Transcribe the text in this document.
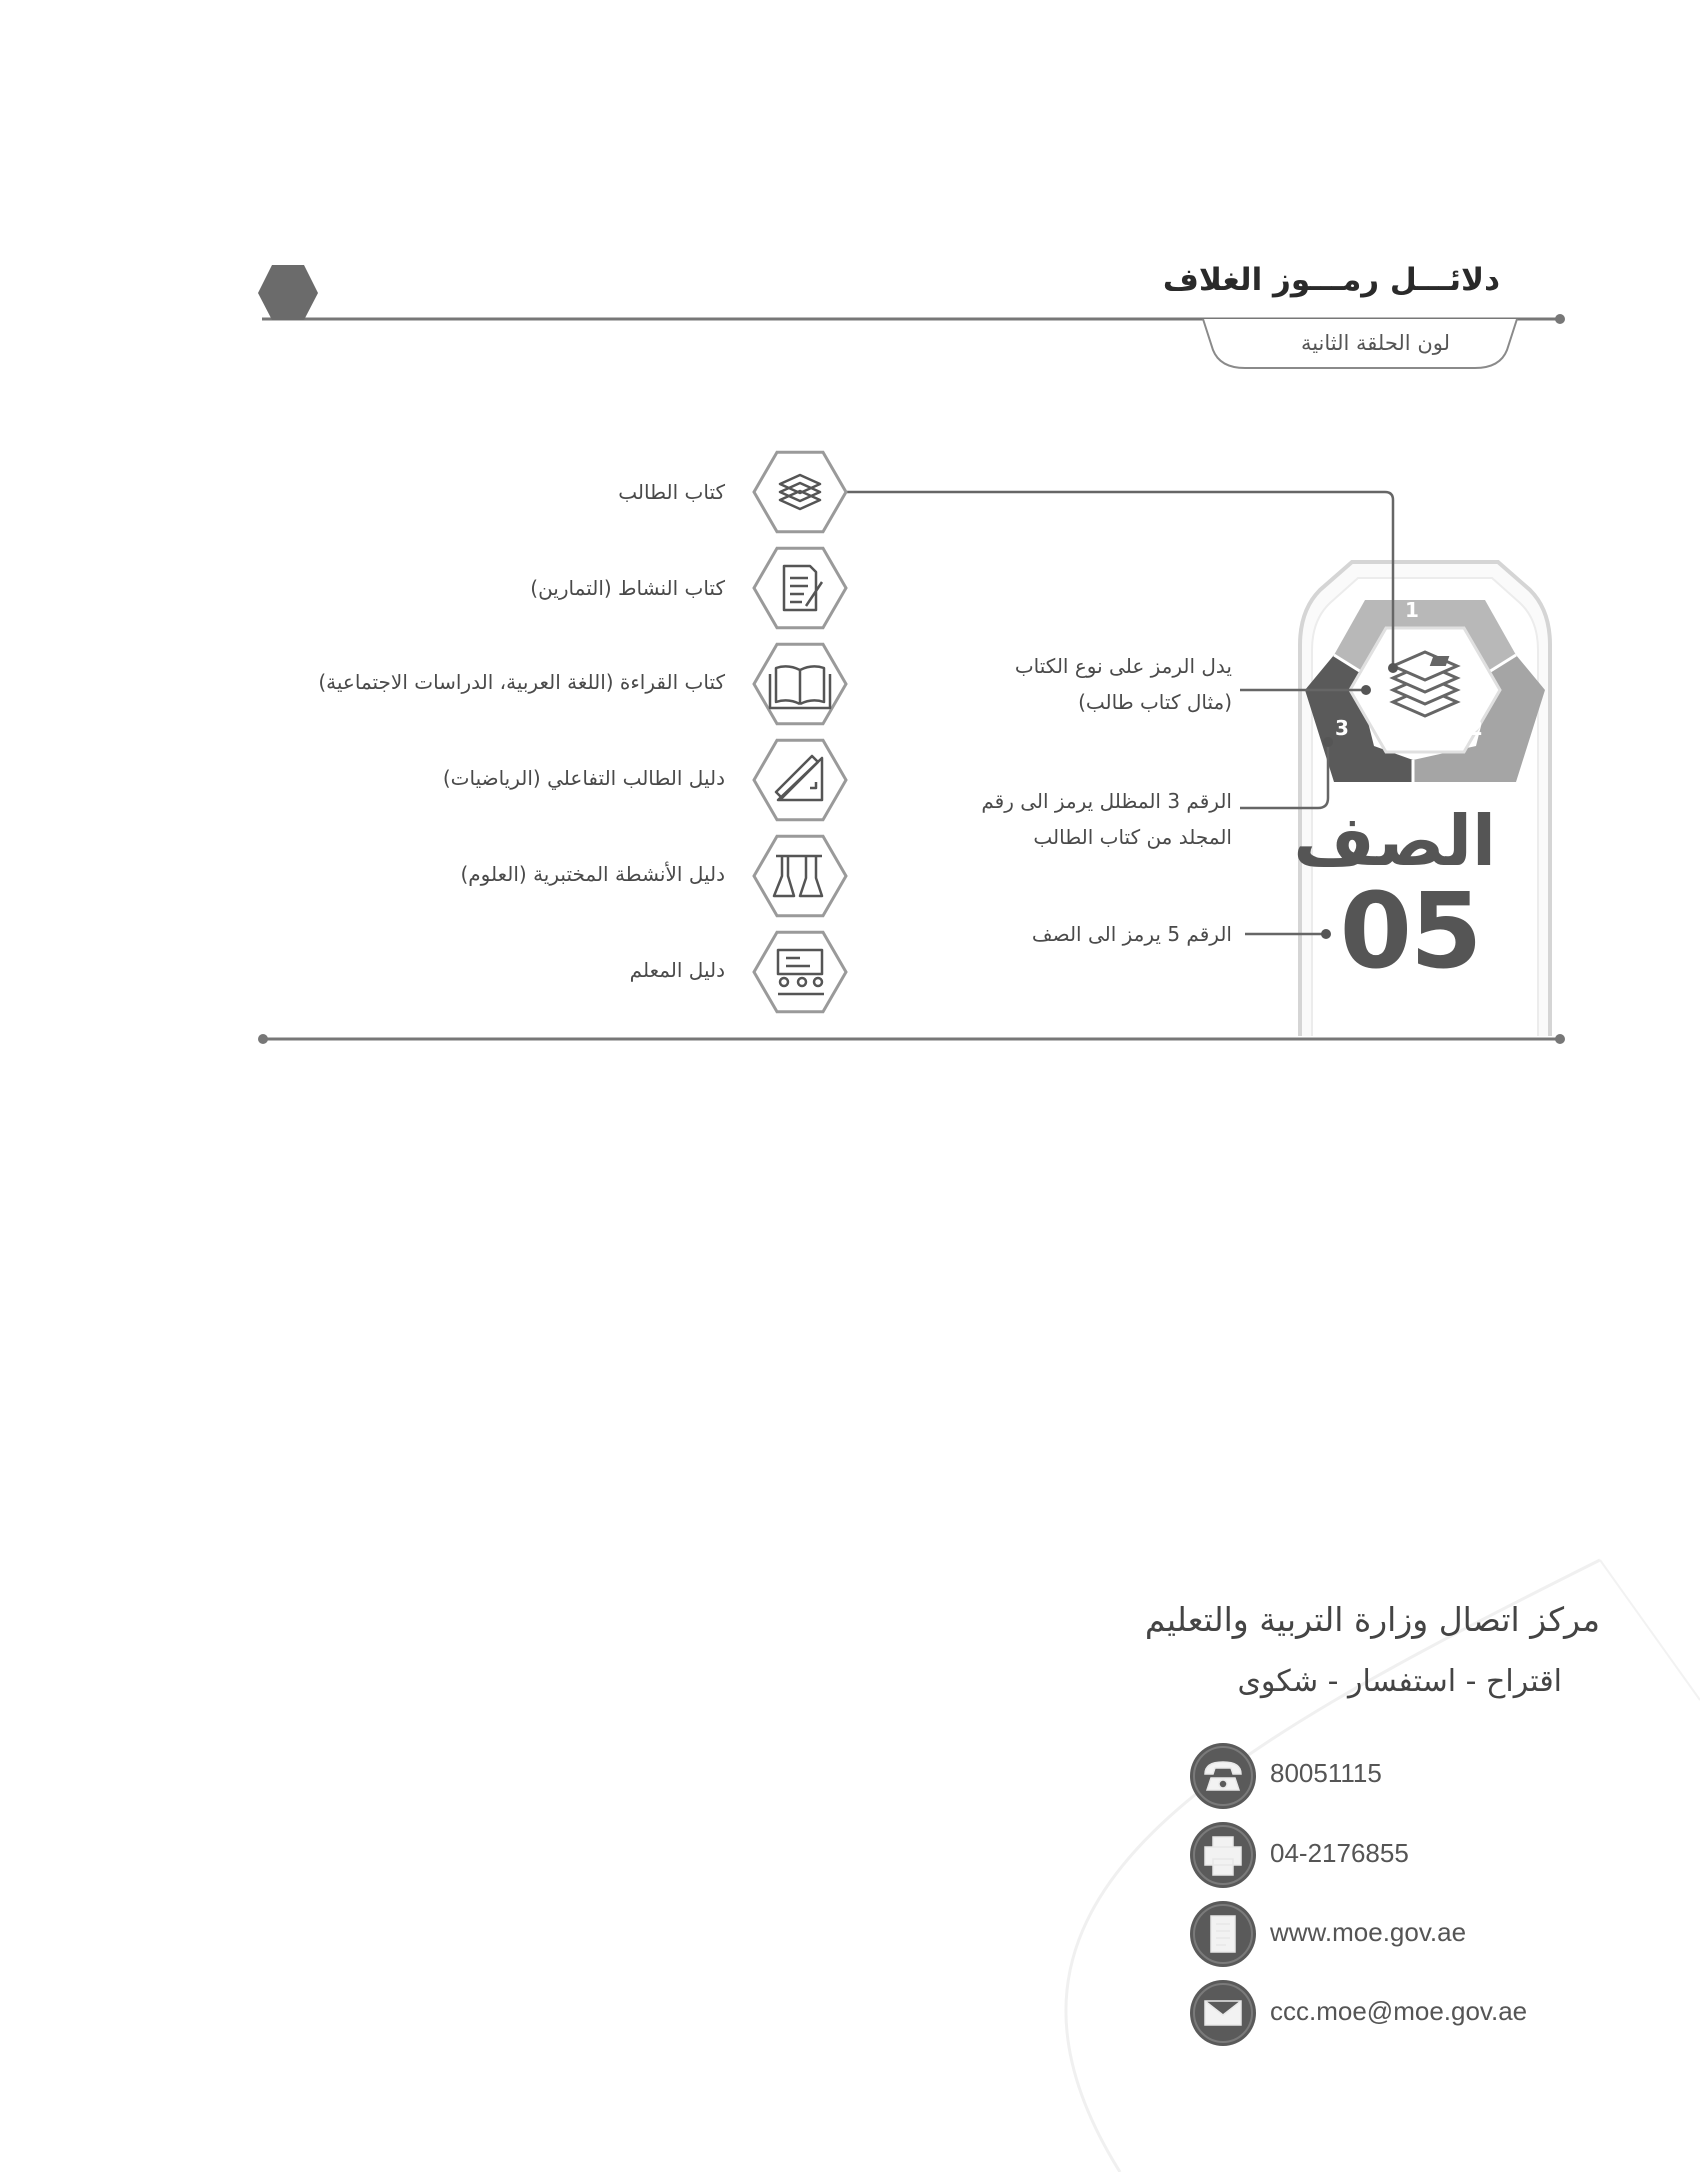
دلائـــل رمـــوز الغلاف
لون الحلقة الثانية
كتاب الطالب
كتاب النشاط (التمارين)
كتاب القراءة (اللغة العربية، الدراسات الاجتماعية)
دليل الطالب التفاعلي (الرياضيات)
دليل الأنشطة المختبرية (العلوم)
دليل المعلم
يدل الرمز على نوع الكتاب
(مثال كتاب طالب)
الرقم 3 المظلل يرمز الى رقم
المجلد من كتاب الطالب
الرقم 5 يرمز الى الصف
1
2
3
الصف
05
مركز اتصال وزارة التربية والتعليم
اقتراح - استفسار - شكوى
80051115
04-2176855
www.moe.gov.ae
ccc.moe@moe.gov.ae
